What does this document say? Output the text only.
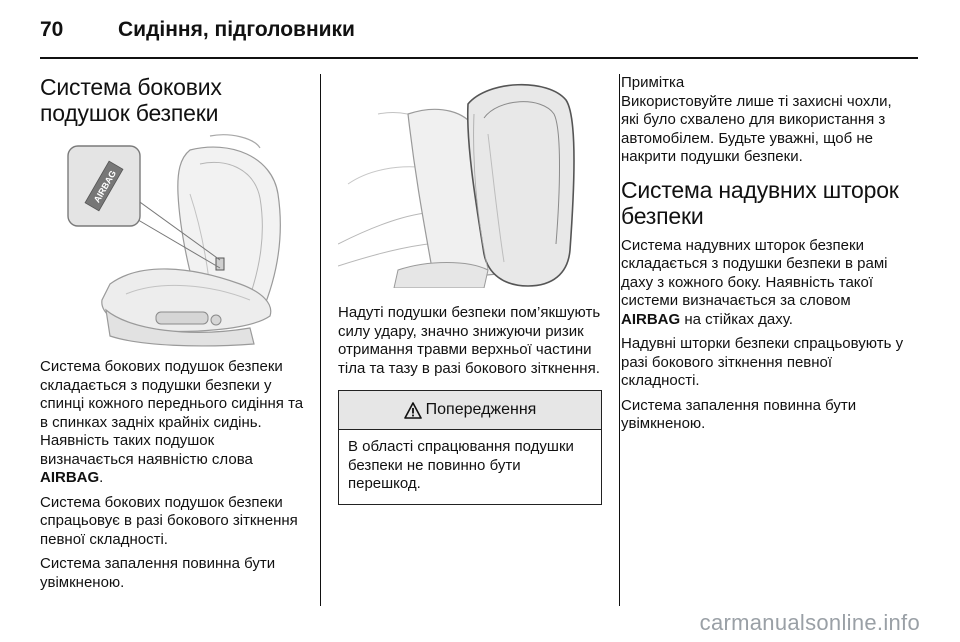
70	Сидіння, підголовники
Система бокових подушок безпеки
AIRBAG

Система бокових подушок безпеки складається з подушки безпеки у спинці кожного переднього сидіння та в спинках задніх крайніх сидінь. Наявність таких подушок визначається наявністю слова AIRBAG.

Система бокових подушок безпеки спрацьовує в разі бокового зіткнення певної складності.

Система запалення повинна бути увімкненою.

Надуті подушки безпеки пом’якшують силу удару, значно знижуючи ризик отримання травми верхньої частини тіла та тазу в разі бокового зіткнення.

Попередження
В області спрацювання подушки безпеки не повинно бути перешкод.

Примітка

Використовуйте лише ті захисні чохли, які було схвалено для використання з автомобілем. Будьте уважні, щоб не накрити подушки безпеки.

Система надувних шторок безпеки

Система надувних шторок безпеки складається з подушки безпеки в рамі даху з кожного боку. Наявність такої системи визначається за словом AIRBAG на стійках даху.

Надувні шторки безпеки спрацьовують у разі бокового зіткнення певної складності.

Система запалення повинна бути увімкненою.

carmanualsonline.info
